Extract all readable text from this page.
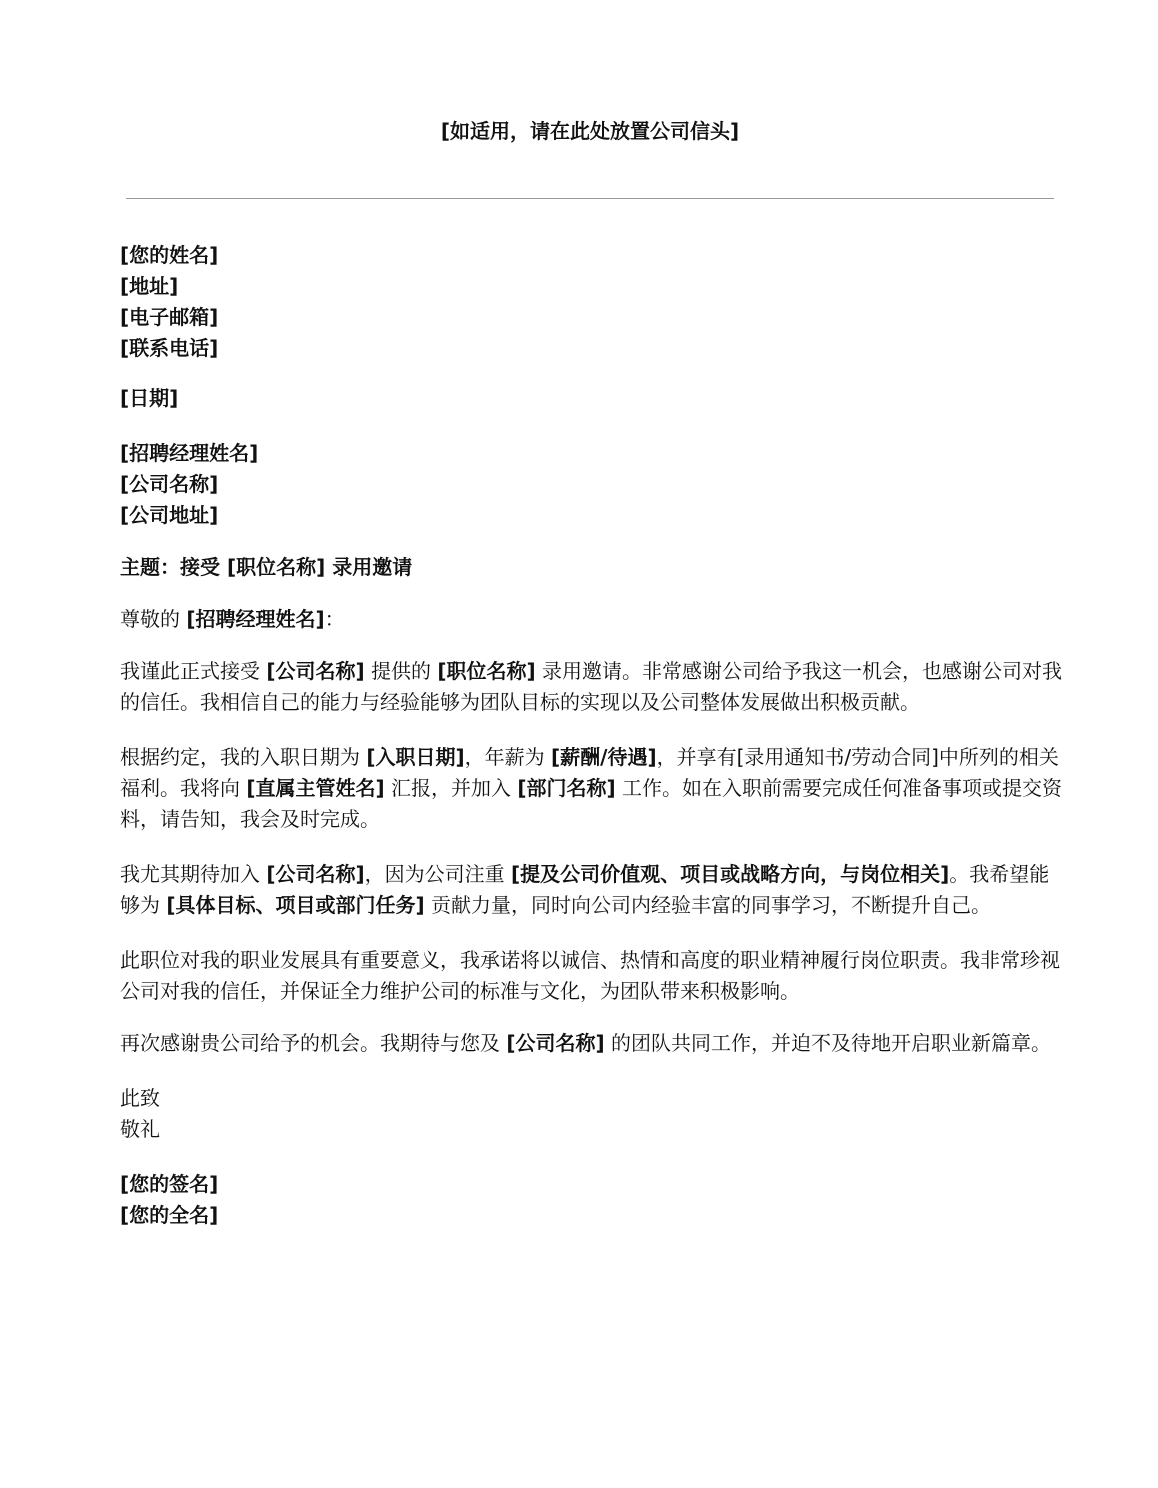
[如适用，请在此处放置公司信头]

[您的姓名]
[地址]
[电子邮箱]
[联系电话]

[日期]

[招聘经理姓名]
[公司名称]
[公司地址]

主题：接受 [职位名称] 录用邀请

尊敬的 [招聘经理姓名]：

我谨此正式接受 [公司名称] 提供的 [职位名称] 录用邀请。非常感谢公司给予我这一机会，也感谢公司对我的信任。我相信自己的能力与经验能够为团队目标的实现以及公司整体发展做出积极贡献。

根据约定，我的入职日期为 [入职日期]，年薪为 [薪酬/待遇]，并享有[录用通知书/劳动合同]中所列的相关福利。我将向 [直属主管姓名] 汇报，并加入 [部门名称] 工作。如在入职前需要完成任何准备事项或提交资料，请告知，我会及时完成。

我尤其期待加入 [公司名称]，因为公司注重 [提及公司价值观、项目或战略方向，与岗位相关]。我希望能够为 [具体目标、项目或部门任务] 贡献力量，同时向公司内经验丰富的同事学习，不断提升自己。

此职位对我的职业发展具有重要意义，我承诺将以诚信、热情和高度的职业精神履行岗位职责。我非常珍视公司对我的信任，并保证全力维护公司的标准与文化，为团队带来积极影响。

再次感谢贵公司给予的机会。我期待与您及 [公司名称] 的团队共同工作，并迫不及待地开启职业新篇章。

此致
敬礼

[您的签名]
[您的全名]
